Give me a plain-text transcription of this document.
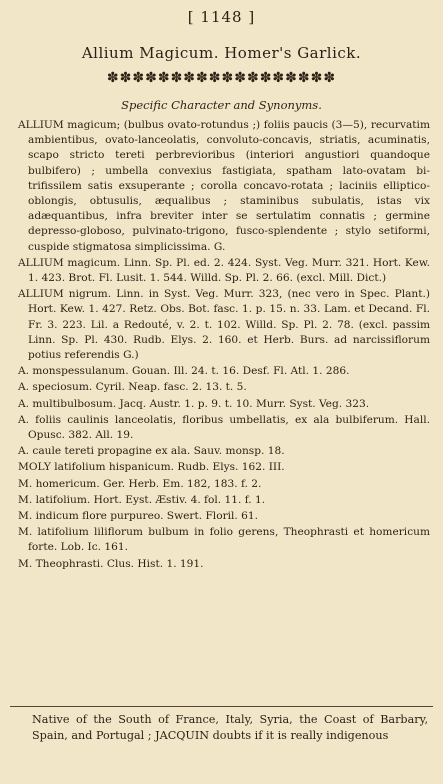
[ 1148 ]
Allium Magicum. Homer's Garlick.
✽✽✽✽✽✽✽✽✽✽✽✽✽✽✽✽✽✽
Specific Character and Synonyms.

ALLIUM magicum; (bulbus ovato-rotundus ;) foliis paucis (3—5), recurvatim ambientibus, ovato-lanceolatis, convoluto-concavis, striatis, acuminatis, scapo stricto tereti perbrevioribus (interiori angustiori quandoque bulbifero) ; umbella convexius fastigiata, spatham lato-ovatam bi-trifissilem satis exsuperante ; corolla concavo-rotata ; laciniis elliptico-oblongis, obtusulis, æqualibus ; staminibus subulatis, istas vix adæquantibus, infra breviter inter se sertulatim connatis ; germine depresso-globoso, pulvinato-trigono, fusco-splendente ; stylo setiformi, cuspide stigmatosa simplicissima. G.

ALLIUM magicum. Linn. Sp. Pl. ed. 2. 424. Syst. Veg. Murr. 321. Hort. Kew. 1. 423. Brot. Fl. Lusit. 1. 544. Willd. Sp. Pl. 2. 66. (excl. Mill. Dict.)

ALLIUM nigrum. Linn. in Syst. Veg. Murr. 323, (nec vero in Spec. Plant.) Hort. Kew. 1. 427. Retz. Obs. Bot. fasc. 1. p. 15. n. 33. Lam. et Decand. Fl. Fr. 3. 223. Lil. a Redouté, v. 2. t. 102. Willd. Sp. Pl. 2. 78. (excl. passim Linn. Sp. Pl. 430. Rudb. Elys. 2. 160. et Herb. Burs. ad narcissiflorum potius referendis G.)

A. monspessulanum. Gouan. Ill. 24. t. 16. Desf. Fl. Atl. 1. 286.

A. speciosum. Cyril. Neap. fasc. 2. 13. t. 5.

A. multibulbosum. Jacq. Austr. 1. p. 9. t. 10. Murr. Syst. Veg. 323.

A. foliis caulinis lanceolatis, floribus umbellatis, ex ala bulbiferum. Hall. Opusc. 382. All. 19.

A. caule tereti propagine ex ala. Sauv. monsp. 18.

MOLY latifolium hispanicum. Rudb. Elys. 162. III.

M. homericum. Ger. Herb. Em. 182, 183. f. 2.

M. latifolium. Hort. Eyst. Æstiv. 4. fol. 11. f. 1.

M. indicum flore purpureo. Swert. Floril. 61.

M. latifolium liliflorum bulbum in folio gerens, Theophrasti et homericum forte. Lob. Ic. 161.

M. Theophrasti. Clus. Hist. 1. 191.

Native of the South of France, Italy, Syria, the Coast of Barbary, Spain, and Portugal ; JACQUIN doubts if it is really indigenous
